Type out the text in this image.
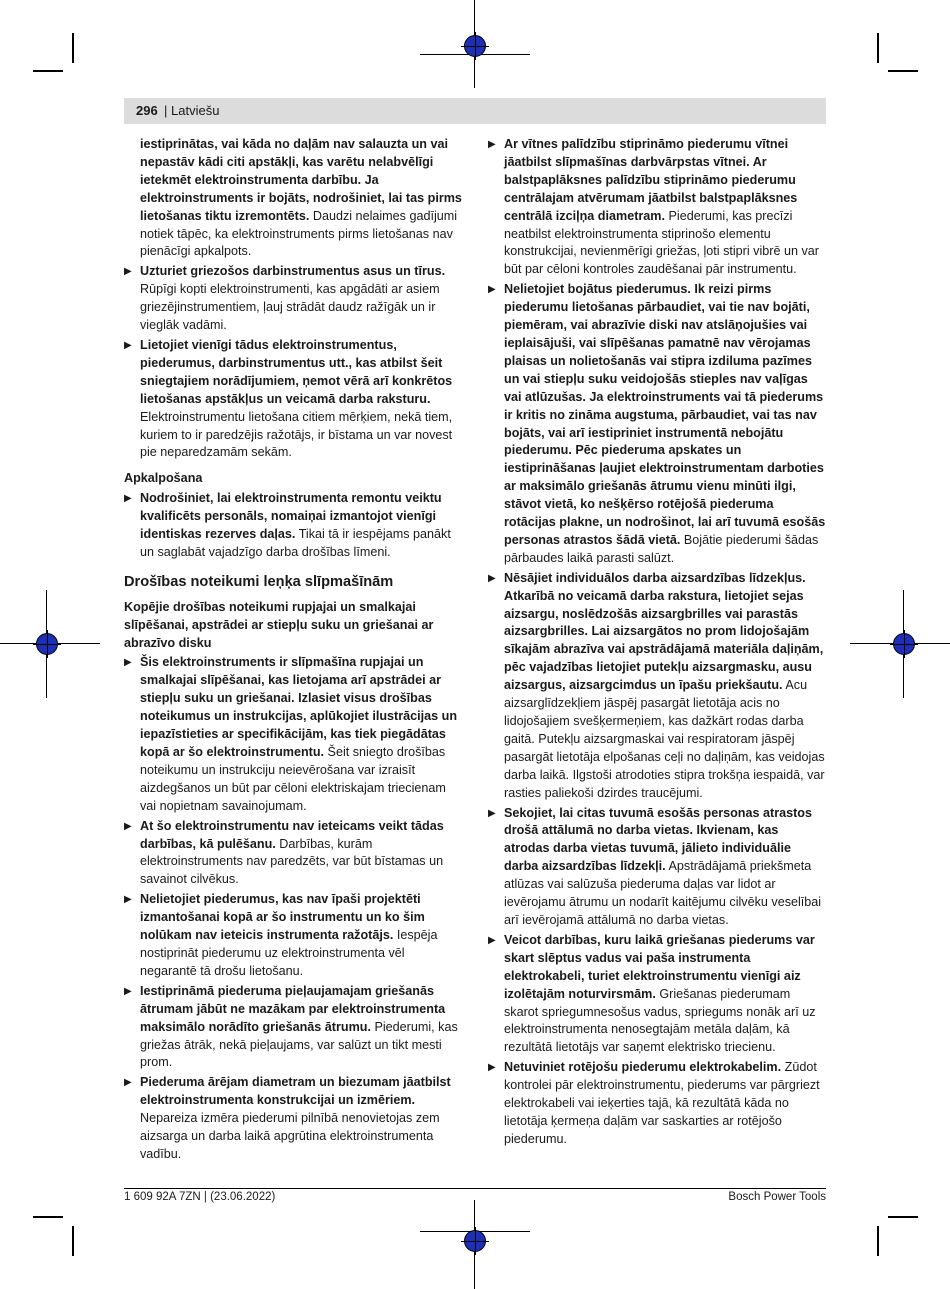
296 | Latviešu

iestiprinātas, vai kāda no daļām nav salauzta un vai nepastāv kādi citi apstākļi, kas varētu nelabvēlīgi ietekmēt elektroinstrumenta darbību. Ja elektroinstruments ir bojāts, nodrošiniet, lai tas pirms lietošanas tiktu izremontēts. Daudzi nelaimes gadījumi notiek tāpēc, ka elektroinstruments pirms lietošanas nav pienācīgi apkalpots.

▶ Uzturiet griezošos darbinstrumentus asus un tīrus. Rūpīgi kopti elektroinstrumenti, kas apgādāti ar asiem griezējinstrumentiem, ļauj strādāt daudz ražīgāk un ir vieglāk vadāmi.
▶ Lietojiet vienīgi tādus elektroinstrumentus, piederumus, darbinstrumentus utt., kas atbilst šeit sniegtajiem norādījumiem, ņemot vērā arī konkrētos lietošanas apstākļus un veicamā darba raksturu. Elektroinstrumentu lietošana citiem mērķiem, nekā tiem, kuriem to ir paredzējis ražotājs, ir bīstama un var novest pie neparedzamām sekām.

Apkalpošana

▶ Nodrošiniet, lai elektroinstrumenta remontu veiktu kvalificēts personāls, nomaiņai izmantojot vienīgi identiskas rezerves daļas. Tikai tā ir iespējams panākt un saglabāt vajadzīgo darba drošības līmeni.

Drošības noteikumi leņķa slīpmašīnām

Kopējie drošības noteikumi rupjajai un smalkajai slīpēšanai, apstrādei ar stiepļu suku un griešanai ar abrazīvo disku

▶ Šis elektroinstruments ir slīpmašīna rupjajai un smalkajai slīpēšanai, kas lietojama arī apstrādei ar stiepļu suku un griešanai. Izlasiet visus drošības noteikumus un instrukcijas, aplūkojiet ilustrācijas un iepazīstieties ar specifikācijām, kas tiek piegādātas kopā ar šo elektroinstrumentu. Šeit sniegto drošības noteikumu un instrukciju neievērošana var izraisīt aizdegšanos un būt par cēloni elektriskajam triecienam vai nopietnam savainojumam.
▶ At šo elektroinstrumentu nav ieteicams veikt tādas darbības, kā pulēšanu. Darbības, kurām elektroinstruments nav paredzēts, var būt bīstamas un savainot cilvēkus.
▶ Nelietojiet piederumus, kas nav īpaši projektēti izmantošanai kopā ar šo instrumentu un ko šim nolūkam nav ieteicis instrumenta ražotājs. Iespēja nostiprināt piederumu uz elektroinstrumenta vēl negarantē tā drošu lietošanu.
▶ Iestiprināmā piederuma pieļaujamajam griešanās ātrumam jābūt ne mazākam par elektroinstrumenta maksimālo norādīto griešanās ātrumu. Piederumi, kas griežas ātrāk, nekā pieļaujams, var salūzt un tikt mesti prom.
▶ Piederuma ārējam diametram un biezumam jāatbilst elektroinstrumenta konstrukcijai un izmēriem. Nepareiza izmēra piederumi pilnībā nenovietojas zem aizsarga un darba laikā apgrūtina elektroinstrumenta vadību.
▶ Ar vītnes palīdzību stiprināmo piederumu vītnei jāatbilst slīpmašīnas darbvārpstas vītnei. Ar balstpaplāksnes palīdzību stiprināmo piederumu centrālajam atvērumam jāatbilst balstpaplāksnes centrālā izciļņa diametram. Piederumi, kas precīzi neatbilst elektroinstrumenta stiprinošo elementu konstrukcijai, nevienmērīgi griežas, ļoti stipri vibrē un var būt par cēloni kontroles zaudēšanai pār instrumentu.
▶ Nelietojiet bojātus piederumus. Ik reizi pirms piederumu lietošanas pārbaudiet, vai tie nav bojāti, piemēram, vai abrazīvie diski nav atslāņojušies vai ieplaisājuši, vai slīpēšanas pamatnē nav vērojamas plaisas un nolietošanās vai stipra izdiluma pazīmes un vai stiepļu suku veidojošās stieples nav vaļīgas vai atlūzušas. Ja elektroinstruments vai tā piederums ir kritis no zināma augstuma, pārbaudiet, vai tas nav bojāts, vai arī iestipriniet instrumentā nebojātu piederumu. Pēc piederuma apskates un iestiprināšanas ļaujiet elektroinstrumentam darboties ar maksimālo griešanās ātrumu vienu minūti ilgi, stāvot vietā, ko nešķērso rotējošā piederuma rotācijas plakne, un nodrošinot, lai arī tuvumā esošās personas atrastos šādā vietā. Bojātie piederumi šādas pārbaudes laikā parasti salūzt.
▶ Nēsājiet individuālos darba aizsardzības līdzekļus. Atkarībā no veicamā darba rakstura, lietojiet sejas aizsargu, noslēdzošās aizsargbrilles vai parastās aizsargbrilles. Lai aizsargātos no prom lidojošajām sīkajām abrazīva vai apstrādājamā materiāla daļiņām, pēc vajadzības lietojiet putekļu aizsargmasku, ausu aizsargus, aizsargcimdus un īpašu priekšautu. Acu aizsarglīdzekļiem jāspēj pasargāt lietotāja acis no lidojošajiem svešķermeņiem, kas dažkārt rodas darba gaitā. Putekļu aizsargmaskai vai respiratoram jāspēj pasargāt lietotāja elpošanas ceļi no daļiņām, kas veidojas darba laikā. Ilgstoši atrodoties stipra trokšņa iespaidā, var rasties paliekoši dzirdes traucējumi.
▶ Sekojiet, lai citas tuvumā esošās personas atrastos drošā attālumā no darba vietas. Ikvienam, kas atrodas darba vietas tuvumā, jālieto individuālie darba aizsardzības līdzekļi. Apstrādājamā priekšmeta atlūzas vai salūzuša piederuma daļas var lidot ar ievērojamu ātrumu un nodarīt kaitējumu cilvēku veselībai arī ievērojamā attālumā no darba vietas.
▶ Veicot darbības, kuru laikā griešanas piederums var skart slēptus vadus vai paša instrumenta elektrokabeli, turiet elektroinstrumentu vienīgi aiz izolētajām noturvirsmām. Griešanas piederumam skarot spriegumnesošus vadus, spriegums nonāk arī uz elektroinstrumenta nenosegtajām metāla daļām, kā rezultātā lietotājs var saņemt elektrisko triecienu.
▶ Netuviniet rotējošu piederumu elektrokabelim. Zūdot kontrolei pār elektroinstrumentu, piederums var pārgriezt elektrokabeli vai ieķerties tajā, kā rezultātā kāda no lietotāja ķermeņa daļām var saskarties ar rotējošo piederumu.
1 609 92A 7ZN | (23.06.2022)	Bosch Power Tools
